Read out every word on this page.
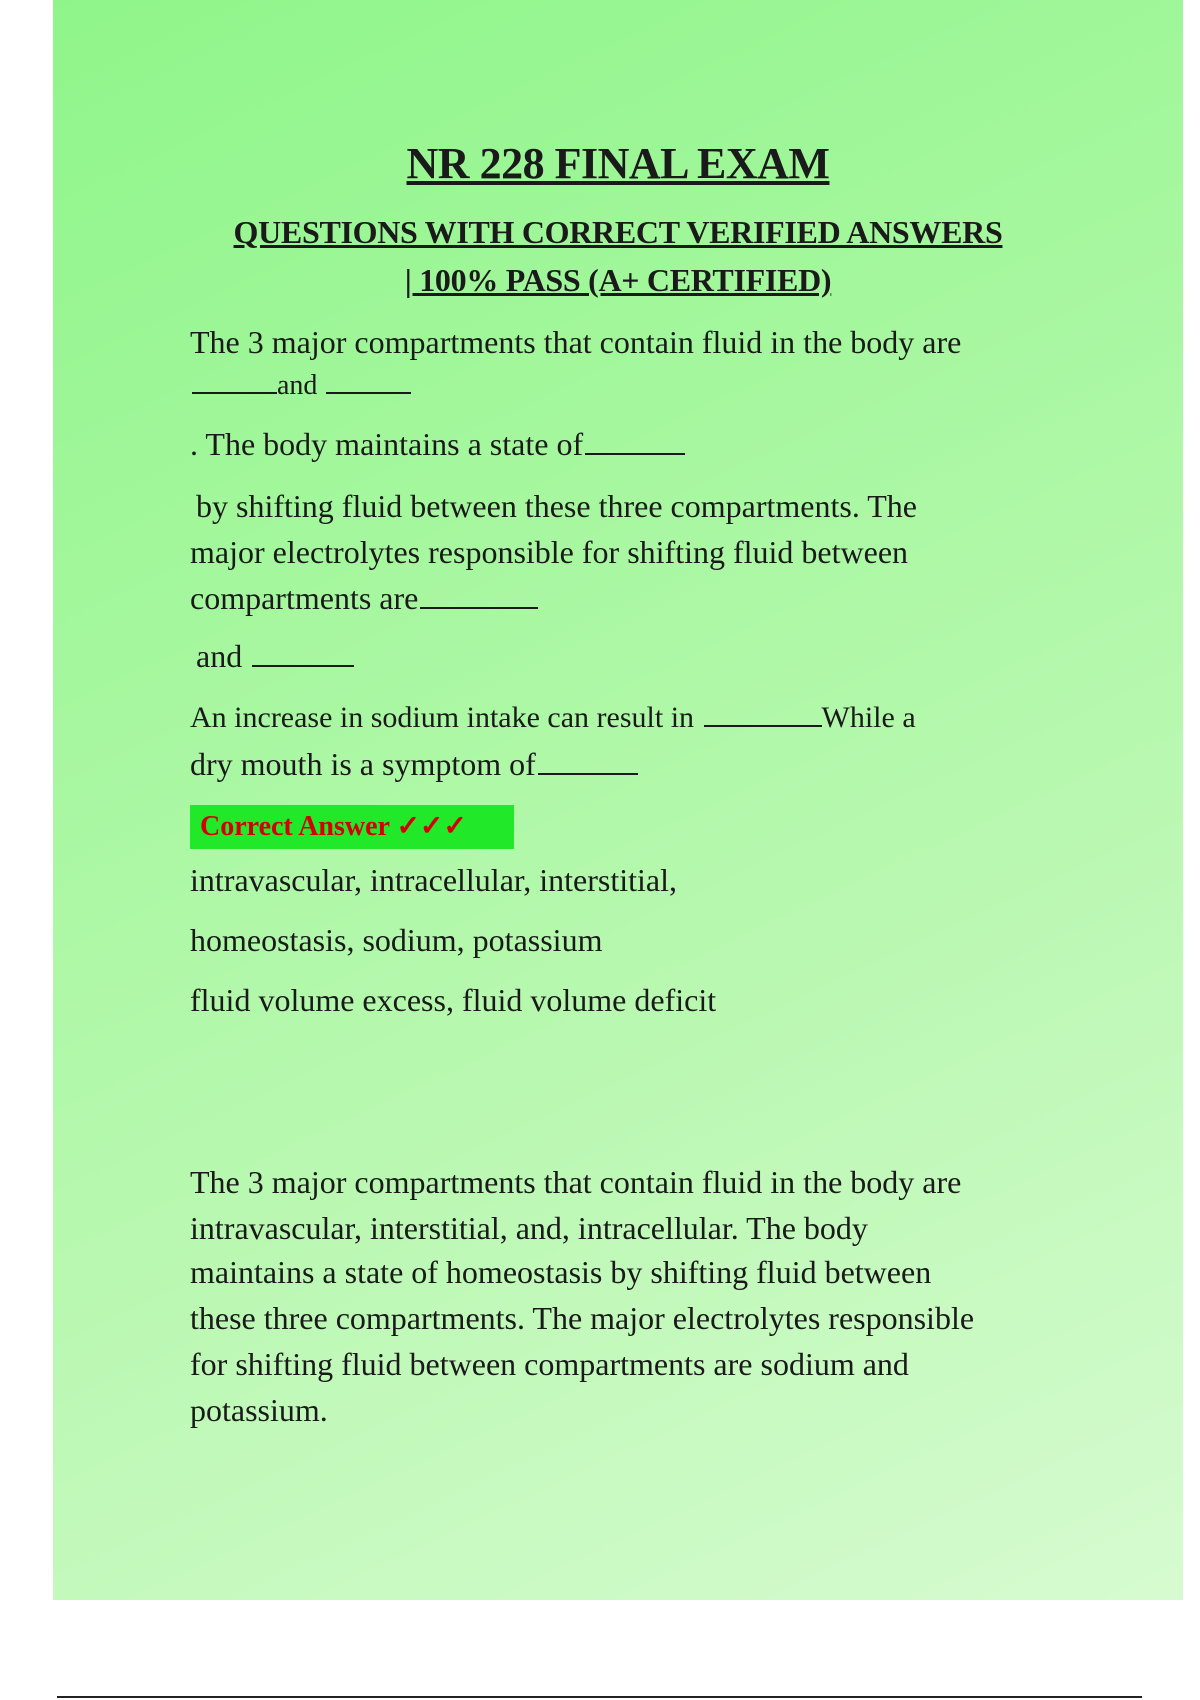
NR 228 FINAL EXAM
QUESTIONS WITH CORRECT VERIFIED ANSWERS
| 100% PASS (A+ CERTIFIED)
The 3 major compartments that contain fluid in the body are
and
. The body maintains a state of
by shifting fluid between these three compartments. The
major electrolytes responsible for shifting fluid between
compartments are
and
An increase in sodium intake can result in	While a
dry mouth is a symptom of
Correct Answer ✓✓✓
intravascular, intracellular, interstitial,
homeostasis, sodium, potassium
fluid volume excess, fluid volume deficit
The 3 major compartments that contain fluid in the body are
intravascular, interstitial, and, intracellular. The body
maintains a state of homeostasis by shifting fluid between
these three compartments. The major electrolytes responsible
for shifting fluid between compartments are sodium and
potassium.
